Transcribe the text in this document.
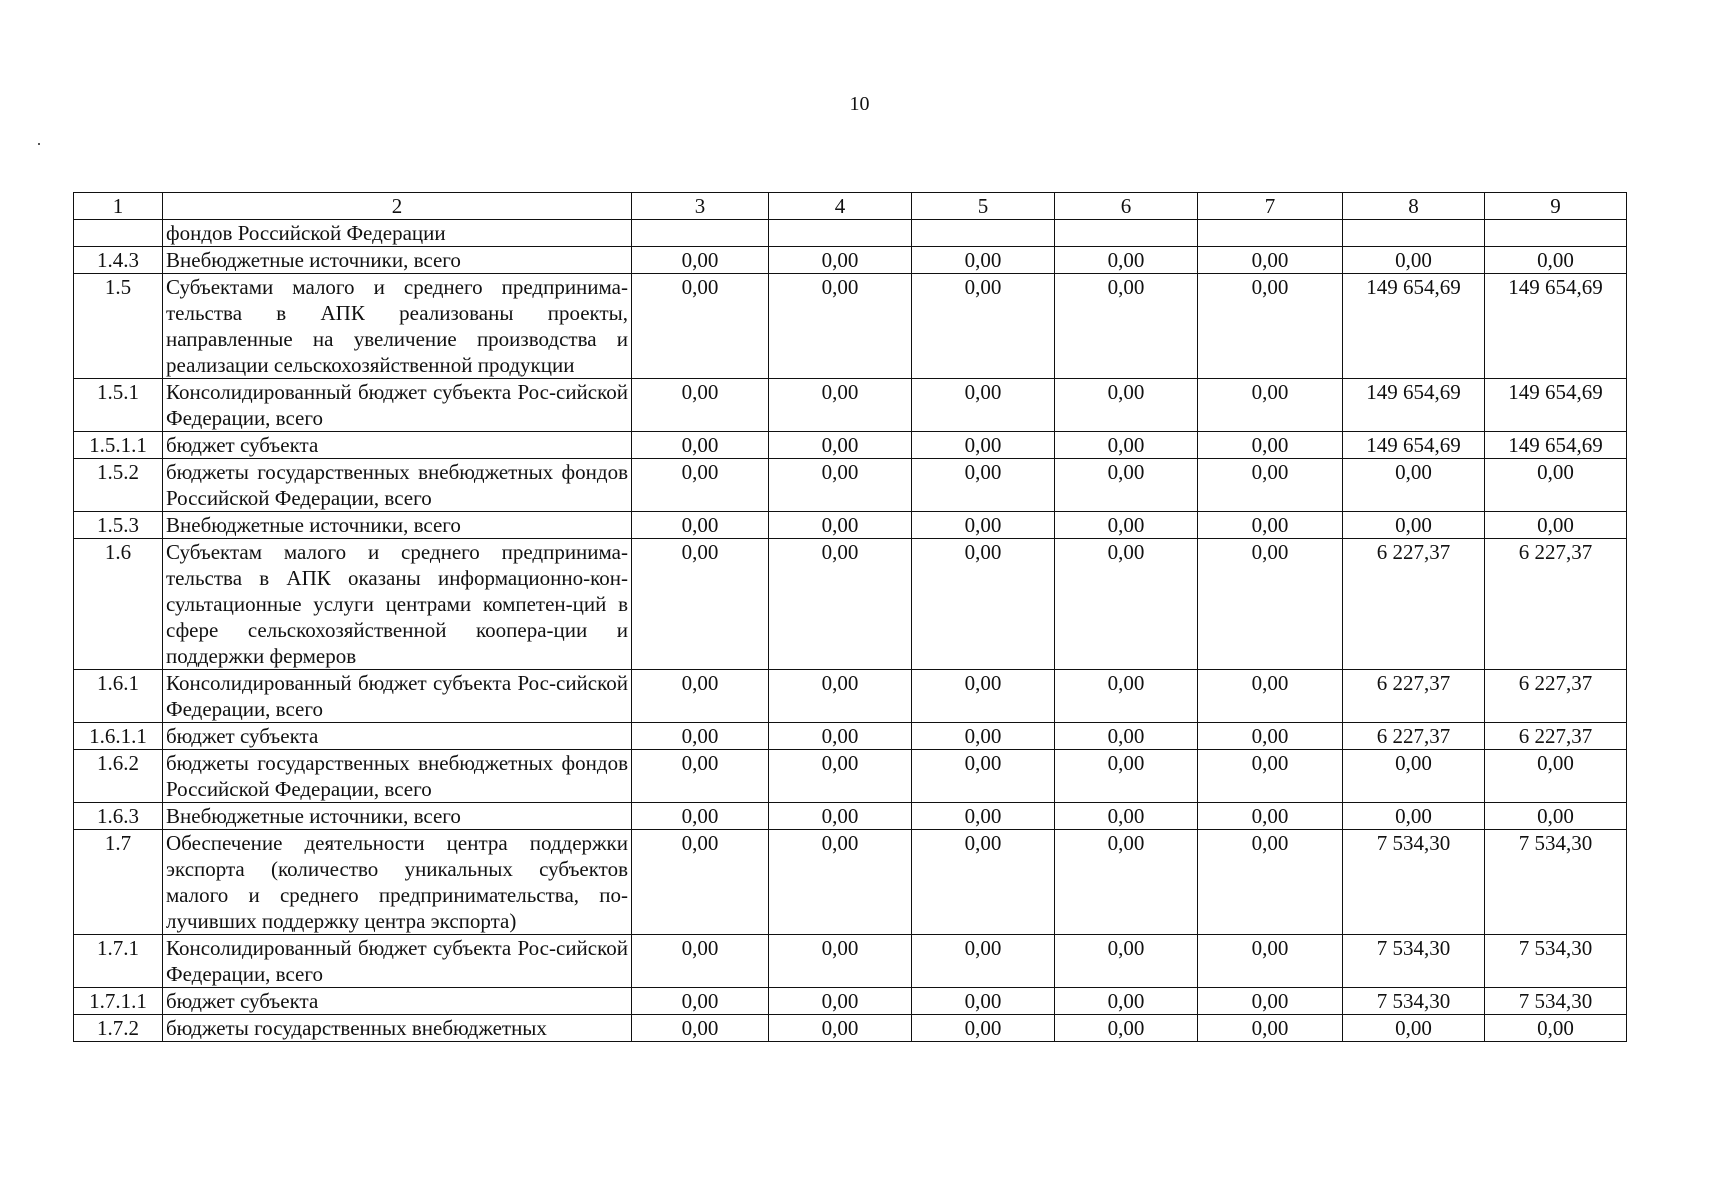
10
1	2	3	4	5	6	7	8	9
	фондов Российской Федерации							
1.4.3	Внебюджетные источники, всего	0,00	0,00	0,00	0,00	0,00	0,00	0,00
1.5	Субъектами малого и среднего предпринима-тельства в АПК реализованы проекты, направленные на увеличение производства и реализации сельскохозяйственной продукции	0,00	0,00	0,00	0,00	0,00	149 654,69	149 654,69
1.5.1	Консолидированный бюджет субъекта Рос-сийской Федерации, всего	0,00	0,00	0,00	0,00	0,00	149 654,69	149 654,69
1.5.1.1	бюджет субъекта	0,00	0,00	0,00	0,00	0,00	149 654,69	149 654,69
1.5.2	бюджеты государственных внебюджетных фондов Российской Федерации, всего	0,00	0,00	0,00	0,00	0,00	0,00	0,00
1.5.3	Внебюджетные источники, всего	0,00	0,00	0,00	0,00	0,00	0,00	0,00
1.6	Субъектам малого и среднего предпринима-тельства в АПК оказаны информационно-кон-сультационные услуги центрами компетен-ций в сфере сельскохозяйственной коопера-ции и поддержки фермеров	0,00	0,00	0,00	0,00	0,00	6 227,37	6 227,37
1.6.1	Консолидированный бюджет субъекта Рос-сийской Федерации, всего	0,00	0,00	0,00	0,00	0,00	6 227,37	6 227,37
1.6.1.1	бюджет субъекта	0,00	0,00	0,00	0,00	0,00	6 227,37	6 227,37
1.6.2	бюджеты государственных внебюджетных фондов Российской Федерации, всего	0,00	0,00	0,00	0,00	0,00	0,00	0,00
1.6.3	Внебюджетные источники, всего	0,00	0,00	0,00	0,00	0,00	0,00	0,00
1.7	Обеспечение деятельности центра поддержки экспорта (количество уникальных субъектов малого и среднего предпринимательства, по-лучивших поддержку центра экспорта)	0,00	0,00	0,00	0,00	0,00	7 534,30	7 534,30
1.7.1	Консолидированный бюджет субъекта Рос-сийской Федерации, всего	0,00	0,00	0,00	0,00	0,00	7 534,30	7 534,30
1.7.1.1	бюджет субъекта	0,00	0,00	0,00	0,00	0,00	7 534,30	7 534,30
1.7.2	бюджеты государственных внебюджетных	0,00	0,00	0,00	0,00	0,00	0,00	0,00
